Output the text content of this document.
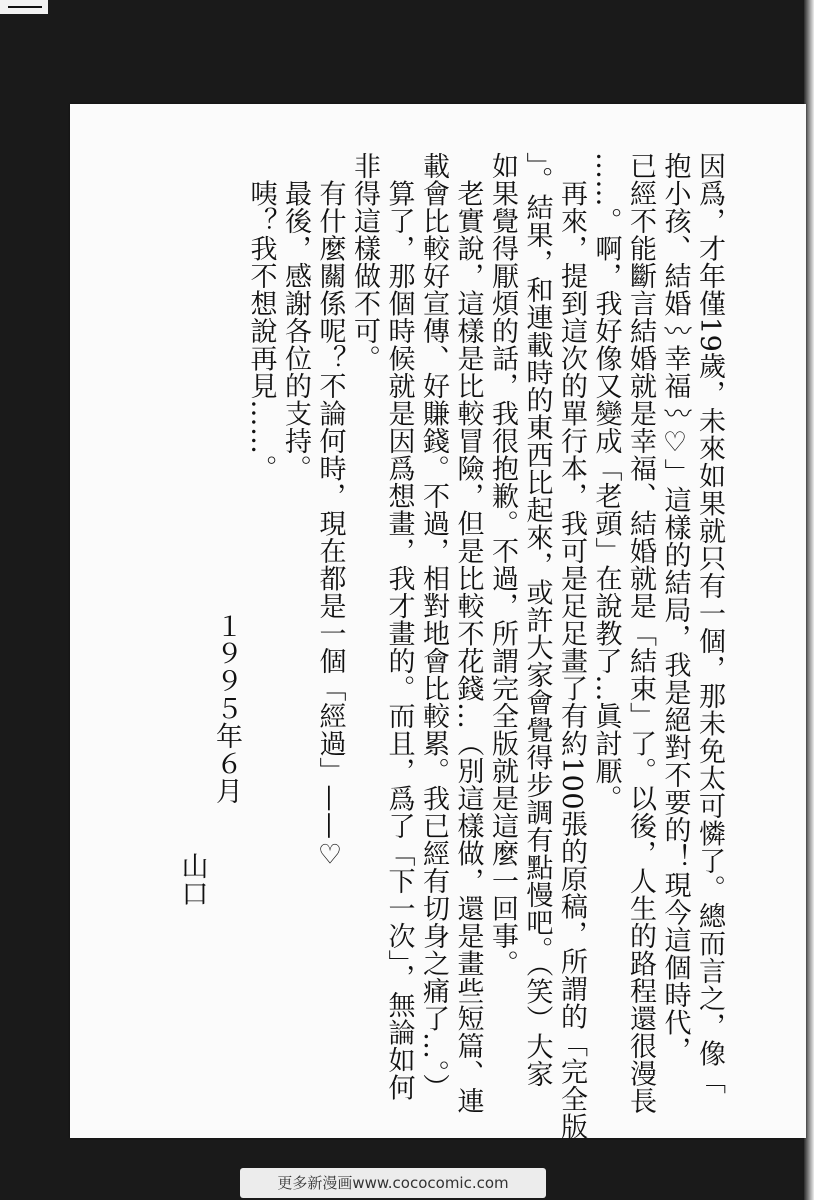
因爲，才年僅19歲，未來如果就只有一個，那未免太可憐了。總而言之，像「

抱小孩、結婚〰幸福〰♡」這樣的結局，我是絕對不要的！現今這個時代，

已經不能斷言結婚就是幸福、結婚就是「結束」了。以後，人生的路程還很漫長

……。啊，我好像又變成「老頭」在說教了…眞討厭。

　再來，提到這次的單行本，我可是足足畫了有約100張的原稿，所謂的「完全版

」。結果，和連載時的東西比起來，或許大家會覺得步調有點慢吧。（笑）大家

如果覺得厭煩的話，我很抱歉。不過，所謂完全版就是這麼一回事。

　老實說，這樣是比較冒險，但是比較不花錢…（別這樣做，還是畫些短篇、連

載會比較好宣傳、好賺錢。不過，相對地會比較累。我已經有切身之痛了…。）

　算了，那個時候就是因爲想畫，我才畫的。而且，爲了「下一次」，無論如何

非得這樣做不可。

　有什麼關係呢？不論何時，現在都是一個「經過」——♡

　最後，感謝各位的支持。

　咦？我不想說再見……。

１９９５年６月

山口

更多新漫画www.cococomic.com
